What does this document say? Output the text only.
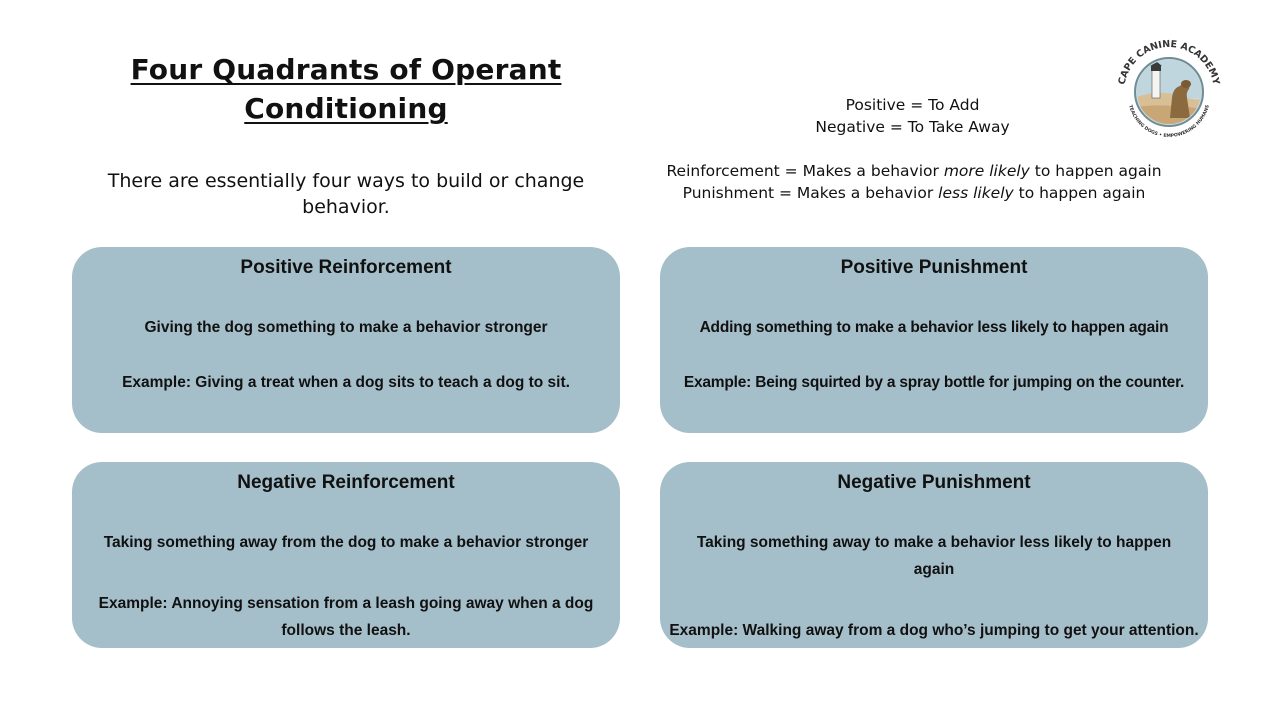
Four Quadrants of Operant Conditioning

There are essentially four ways to build or change behavior.

Positive = To Add
Negative = To Take Away
Reinforcement = Makes a behavior more likely to happen again
Punishment = Makes a behavior less likely to happen again
CAPE CANINE ACADEMY
TEACHING DOGS • EMPOWERING HUMANS
Positive Reinforcement
Giving the dog something to make a behavior stronger
Example: Giving a treat when a dog sits to teach a dog to sit.
Positive Punishment
Adding something to make a behavior less likely to happen again
Example: Being squirted by a spray bottle for jumping on the counter.
Negative Reinforcement
Taking something away from the dog to make a behavior stronger
Example: Annoying sensation from a leash going away when a dog follows the leash.
Negative Punishment
Taking something away to make a behavior less likely to happen again
Example: Walking away from a dog who’s jumping to get your attention.
